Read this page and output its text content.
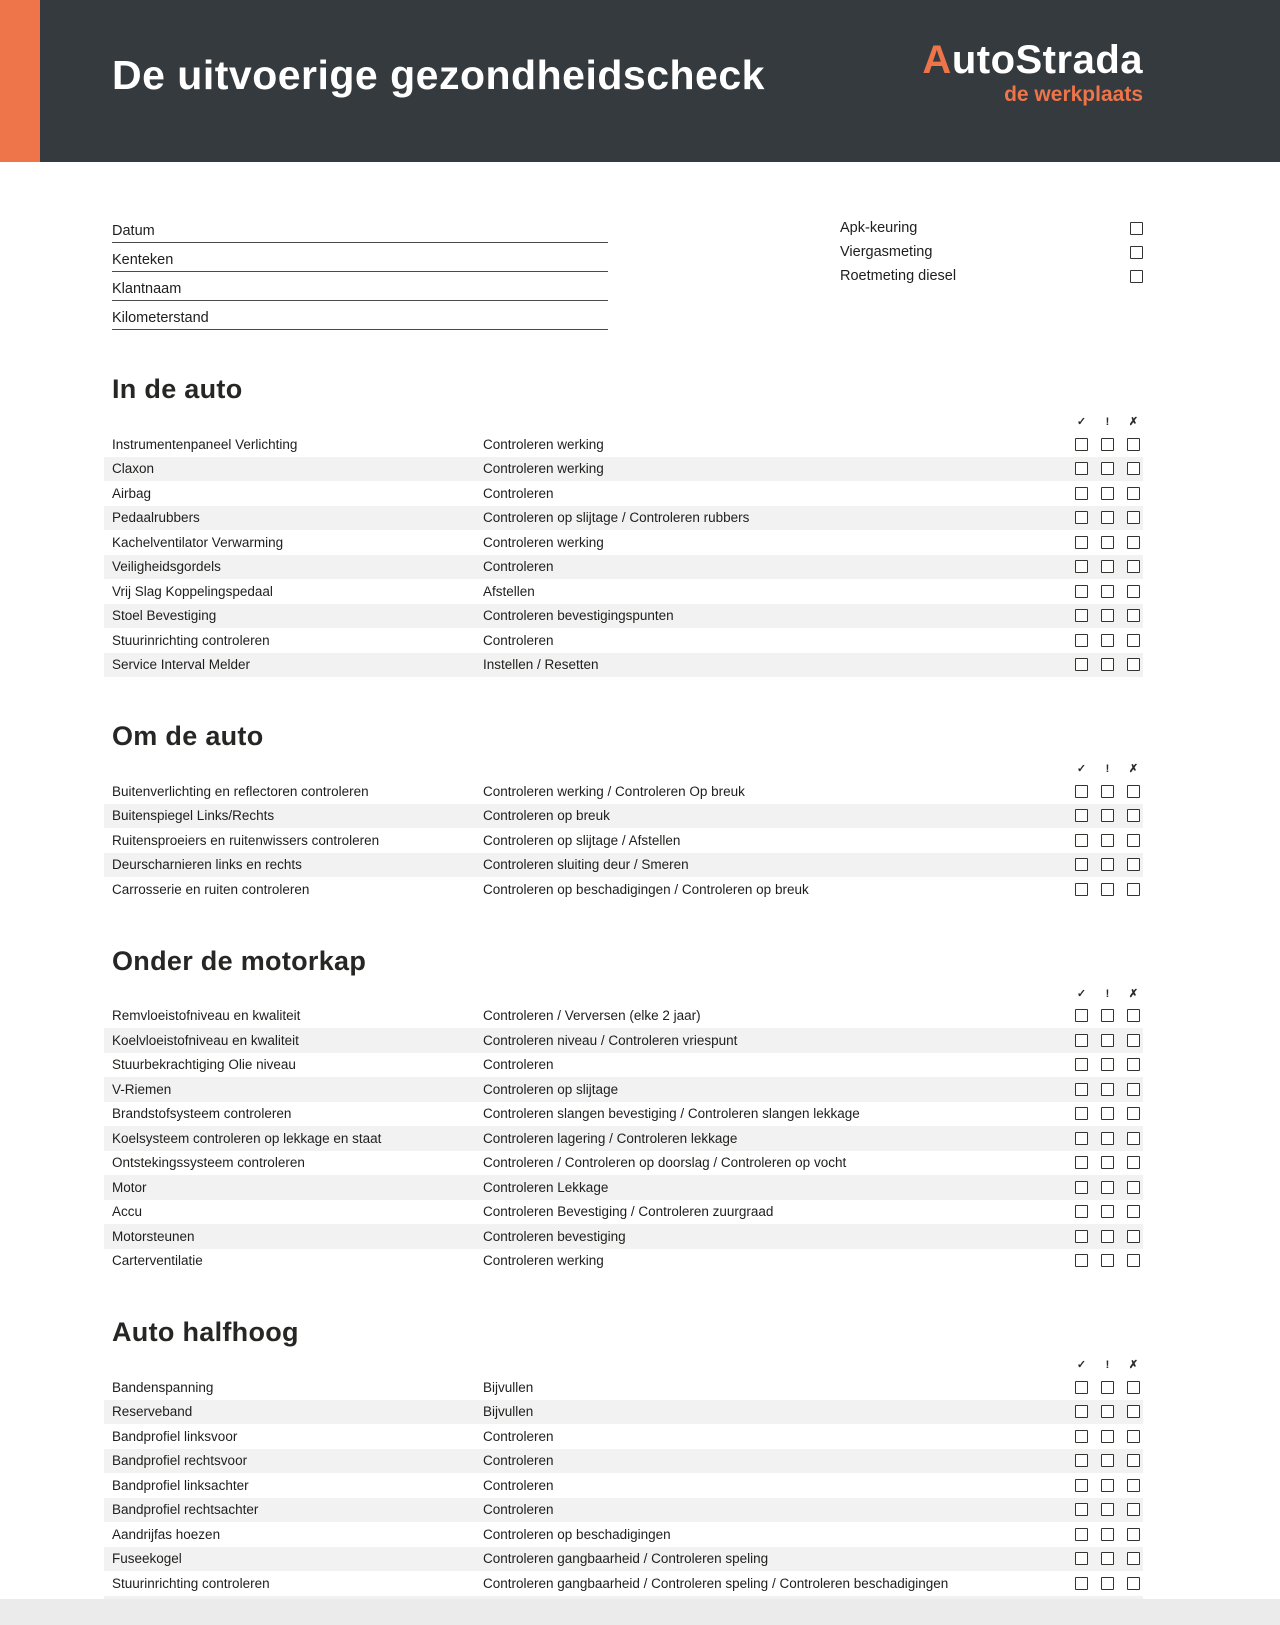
De uitvoerige gezondheidscheck	AutoStrada
de werkplaats
Datum
Kenteken
Klantnaam
Kilometerstand
Apk-keuring
Viergasmeting
Roetmeting diesel
In de auto
✓	!	✗
Instrumentenpaneel Verlichting	Controleren werking
Claxon	Controleren werking
Airbag	Controleren
Pedaalrubbers	Controleren op slijtage / Controleren rubbers
Kachelventilator Verwarming	Controleren werking
Veiligheidsgordels	Controleren
Vrij Slag Koppelingspedaal	Afstellen
Stoel Bevestiging	Controleren bevestigingspunten
Stuurinrichting controleren	Controleren
Service Interval Melder	Instellen / Resetten
Om de auto
✓	!	✗
Buitenverlichting en reflectoren controleren	Controleren werking / Controleren Op breuk
Buitenspiegel Links/Rechts	Controleren op breuk
Ruitensproeiers en ruitenwissers controleren	Controleren op slijtage / Afstellen
Deurscharnieren links en rechts	Controleren sluiting deur / Smeren
Carrosserie en ruiten controleren	Controleren op beschadigingen / Controleren op breuk
Onder de motorkap
✓	!	✗
Remvloeistofniveau en kwaliteit	Controleren / Verversen (elke 2 jaar)
Koelvloeistofniveau en kwaliteit	Controleren niveau / Controleren vriespunt
Stuurbekrachtiging Olie niveau	Controleren
V-Riemen	Controleren op slijtage
Brandstofsysteem controleren	Controleren slangen bevestiging / Controleren slangen lekkage
Koelsysteem controleren op lekkage en staat	Controleren lagering / Controleren lekkage
Ontstekingssysteem controleren	Controleren / Controleren op doorslag / Controleren op vocht
Motor	Controleren Lekkage
Accu	Controleren Bevestiging / Controleren zuurgraad
Motorsteunen	Controleren bevestiging
Carterventilatie	Controleren werking
Auto halfhoog
✓	!	✗
Bandenspanning	Bijvullen
Reserveband	Bijvullen
Bandprofiel linksvoor	Controleren
Bandprofiel rechtsvoor	Controleren
Bandprofiel linksachter	Controleren
Bandprofiel rechtsachter	Controleren
Aandrijfas hoezen	Controleren op beschadigingen
Fuseekogel	Controleren gangbaarheid / Controleren speling
Stuurinrichting controleren	Controleren gangbaarheid / Controleren speling / Controleren beschadigingen
